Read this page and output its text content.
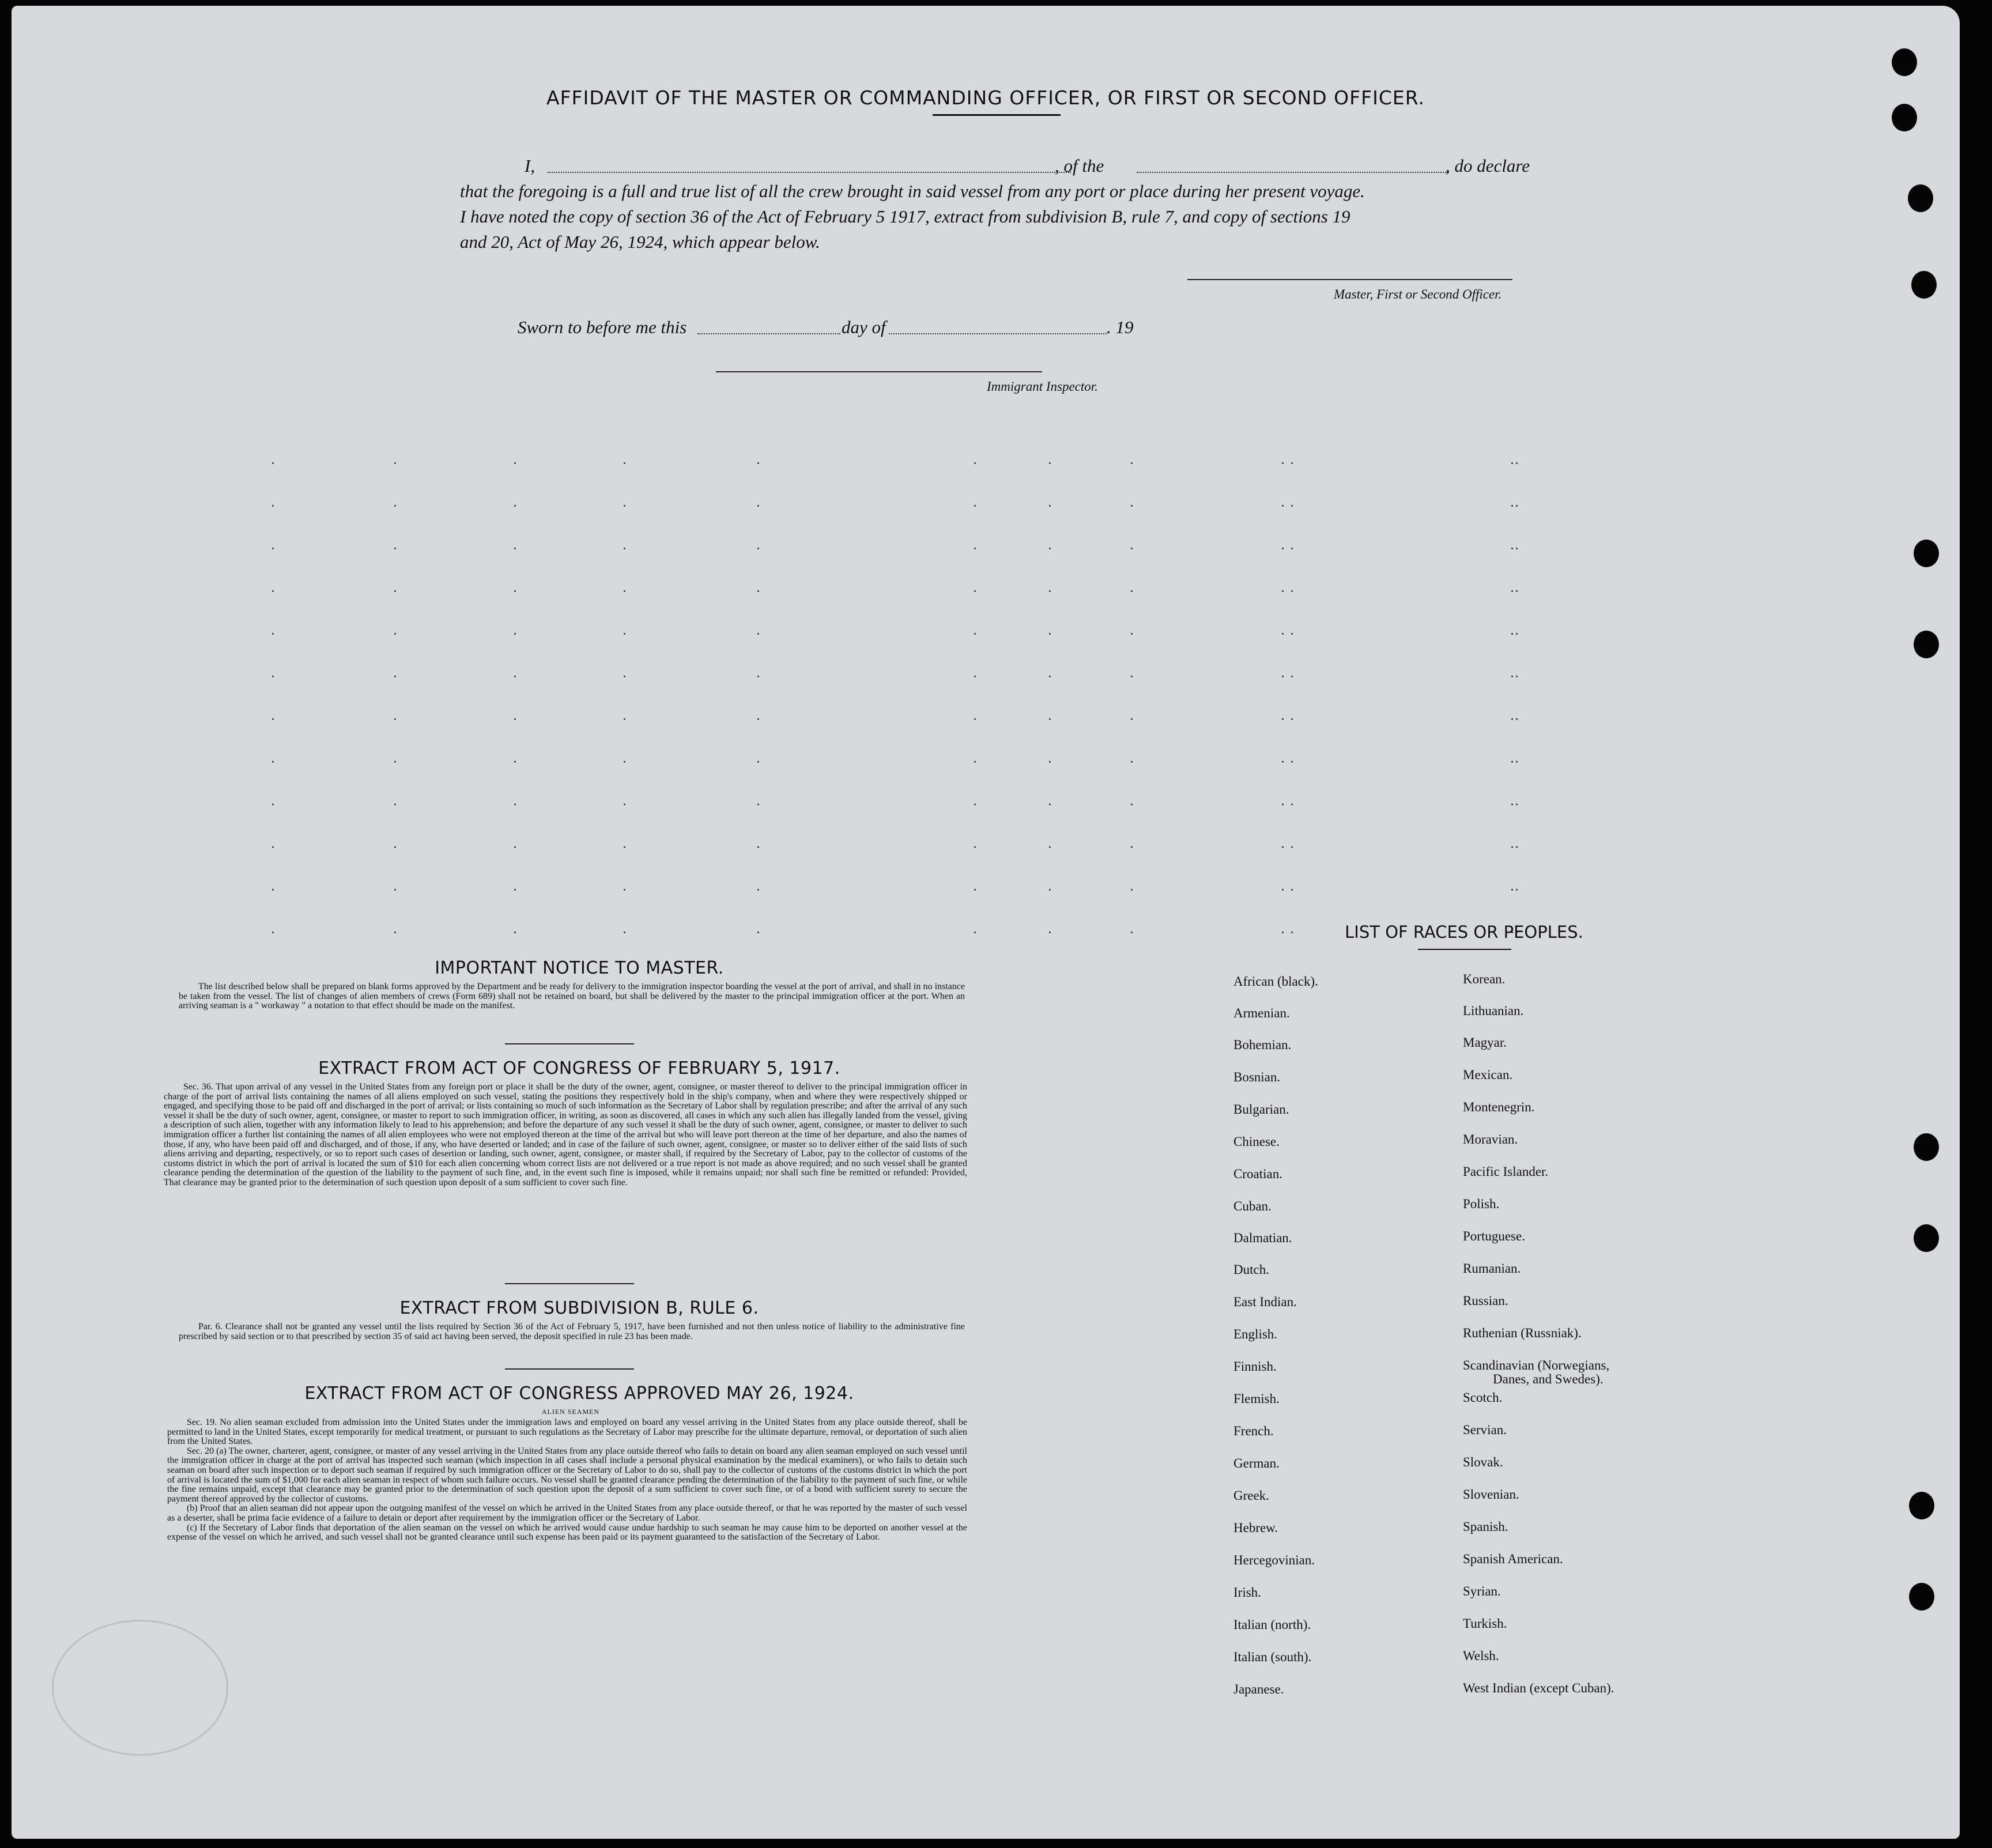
AFFIDAVIT OF THE MASTER OR COMMANDING OFFICER, OR FIRST OR SECOND OFFICER.
I,	, of the	, do declare
that the foregoing is a full and true list of all the crew brought in said vessel from any port or place during her present voyage.
I have noted the copy of section 36 of the Act of February 5 1917, extract from subdivision B, rule 7, and copy of sections 19
and 20, Act of May 26, 1924, which appear below.
Master, First or Second Officer.
Sworn to before me this	day of	. 19
Immigrant Inspector.
IMPORTANT NOTICE TO MASTER.

The list described below shall be prepared on blank forms approved by the Department and be ready for delivery to the immigration inspector boarding the vessel at the port of arrival, and shall in no instance be taken from the vessel. The list of changes of alien members of crews (Form 689) shall not be retained on board, but shall be delivered by the master to the principal immigration officer at the port. When an arriving seaman is a " workaway " a notation to that effect should be made on the manifest.

EXTRACT FROM ACT OF CONGRESS OF FEBRUARY 5, 1917.

Sec. 36. That upon arrival of any vessel in the United States from any foreign port or place it shall be the duty of the owner, agent, consignee, or master thereof to deliver to the principal immigration officer in charge of the port of arrival lists containing the names of all aliens employed on such vessel, stating the positions they respectively hold in the ship's company, when and where they were respectively shipped or engaged, and specifying those to be paid off and discharged in the port of arrival; or lists containing so much of such information as the Secretary of Labor shall by regulation prescribe; and after the arrival of any such vessel it shall be the duty of such owner, agent, consignee, or master to report to such immigration officer, in writing, as soon as discovered, all cases in which any such alien has illegally landed from the vessel, giving a description of such alien, together with any information likely to lead to his apprehension; and before the departure of any such vessel it shall be the duty of such owner, agent, consignee, or master to deliver to such immigration officer a further list containing the names of all alien employees who were not employed thereon at the time of the arrival but who will leave port thereon at the time of her departure, and also the names of those, if any, who have been paid off and discharged, and of those, if any, who have deserted or landed; and in case of the failure of such owner, agent, consignee, or master so to deliver either of the said lists of such aliens arriving and departing, respectively, or so to report such cases of desertion or landing, such owner, agent, consignee, or master shall, if required by the Secretary of Labor, pay to the collector of customs of the customs district in which the port of arrival is located the sum of $10 for each alien concerning whom correct lists are not delivered or a true report is not made as above required; and no such vessel shall be granted clearance pending the determination of the question of the liability to the payment of such fine, and, in the event such fine is imposed, while it remains unpaid; nor shall such fine be remitted or refunded: Provided, That clearance may be granted prior to the determination of such question upon deposit of a sum sufficient to cover such fine.

EXTRACT FROM SUBDIVISION B, RULE 6.

Par. 6. Clearance shall not be granted any vessel until the lists required by Section 36 of the Act of February 5, 1917, have been furnished and not then unless notice of liability to the administrative fine prescribed by said section or to that prescribed by section 35 of said act having been served, the deposit specified in rule 23 has been made.

EXTRACT FROM ACT OF CONGRESS APPROVED MAY 26, 1924.
ALIEN SEAMEN

Sec. 19. No alien seaman excluded from admission into the United States under the immigration laws and employed on board any vessel arriving in the United States from any place outside thereof, shall be permitted to land in the United States, except temporarily for medical treatment, or pursuant to such regulations as the Secretary of Labor may prescribe for the ultimate departure, removal, or deportation of such alien from the United States.

Sec. 20 (a) The owner, charterer, agent, consignee, or master of any vessel arriving in the United States from any place outside thereof who fails to detain on board any alien seaman employed on such vessel until the immigration officer in charge at the port of arrival has inspected such seaman (which inspection in all cases shall include a personal physical examination by the medical examiners), or who fails to detain such seaman on board after such inspection or to deport such seaman if required by such immigration officer or the Secretary of Labor to do so, shall pay to the collector of customs of the customs district in which the port of arrival is located the sum of $1,000 for each alien seaman in respect of whom such failure occurs. No vessel shall be granted clearance pending the determination of the liability to the payment of such fine, or while the fine remains unpaid, except that clearance may be granted prior to the determination of such question upon the deposit of a sum sufficient to cover such fine, or of a bond with sufficient surety to secure the payment thereof approved by the collector of customs.

(b) Proof that an alien seaman did not appear upon the outgoing manifest of the vessel on which he arrived in the United States from any place outside thereof, or that he was reported by the master of such vessel as a deserter, shall be prima facie evidence of a failure to detain or deport after requirement by the immigration officer or the Secretary of Labor.

(c) If the Secretary of Labor finds that deportation of the alien seaman on the vessel on which he arrived would cause undue hardship to such seaman he may cause him to be deported on another vessel at the expense of the vessel on which he arrived, and such vessel shall not be granted clearance until such expense has been paid or its payment guaranteed to the satisfaction of the Secretary of Labor.

LIST OF RACES OR PEOPLES.
African (black).
Armenian.
Bohemian.
Bosnian.
Bulgarian.
Chinese.
Croatian.
Cuban.
Dalmatian.
Dutch.
East Indian.
English.
Finnish.
Flemish.
French.
German.
Greek.
Hebrew.
Hercegovinian.
Irish.
Italian (north).
Italian (south).
Japanese.
Korean.
Lithuanian.
Magyar.
Mexican.
Montenegrin.
Moravian.
Pacific Islander.
Polish.
Portuguese.
Rumanian.
Russian.
Ruthenian (Russniak).
Scandinavian (Norwegians,
Danes, and Swedes).
Scotch.
Servian.
Slovak.
Slovenian.
Spanish.
Spanish American.
Syrian.
Turkish.
Welsh.
West Indian (except Cuban).
